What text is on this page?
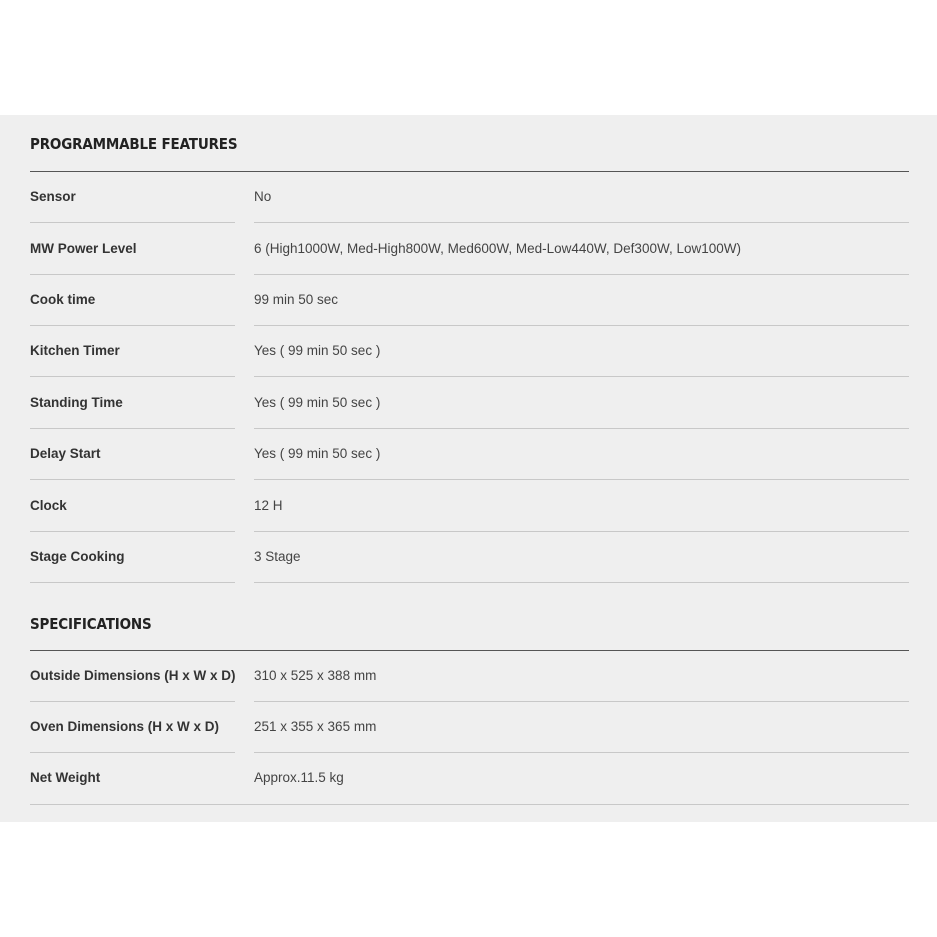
PROGRAMMABLE FEATURES
Sensor	No
MW Power Level	6 (High1000W, Med-High800W, Med600W, Med-Low440W, Def300W, Low100W)
Cook time	99 min 50 sec
Kitchen Timer	Yes ( 99 min 50 sec )
Standing Time	Yes ( 99 min 50 sec )
Delay Start	Yes ( 99 min 50 sec )
Clock	12 H
Stage Cooking	3 Stage
SPECIFICATIONS
Outside Dimensions (H x W x D) 310 x 525 x 388 mm
Oven Dimensions (H x W x D)	251 x 355 x 365 mm
Net Weight	Approx.11.5 kg
